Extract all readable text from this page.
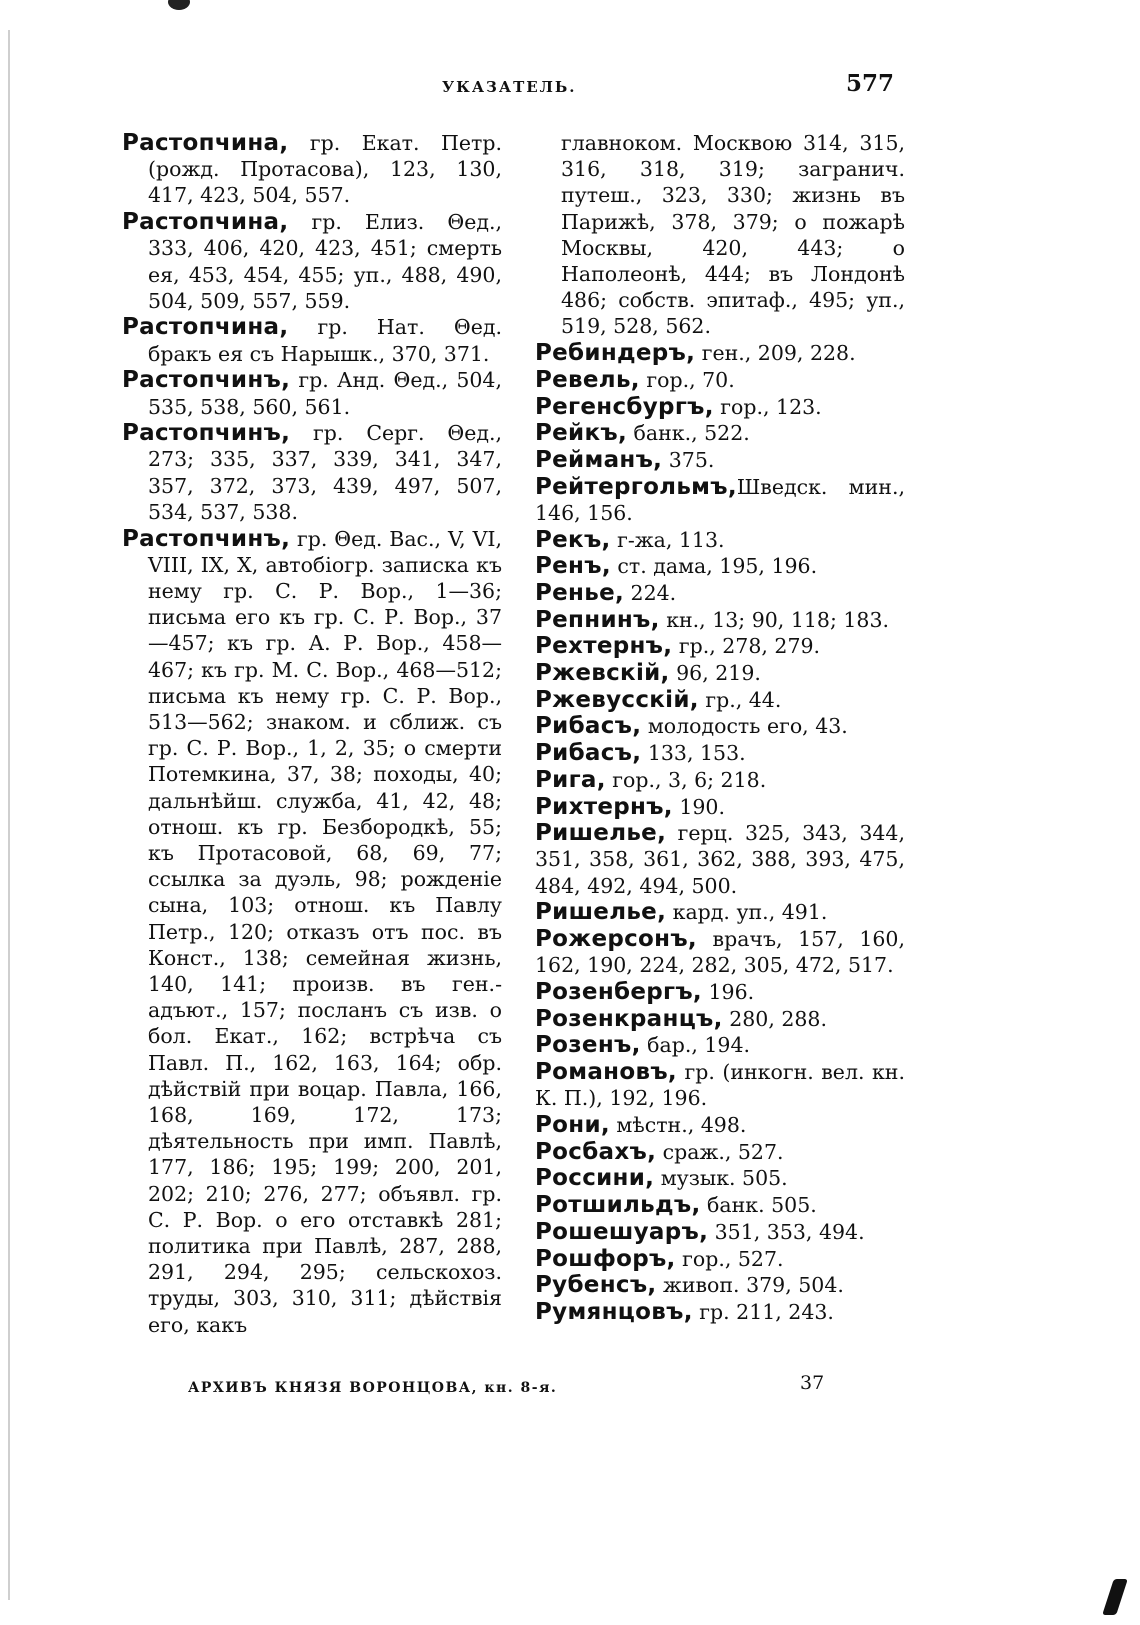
УКАЗАТЕЛЬ.	577
Растопчина, гр. Екат. Петр. (рожд. Протасова), 123, 130, 417, 423, 504, 557.
Растопчина, гр. Елиз. Θед., 333, 406, 420, 423, 451; смерть ея, 453, 454, 455; уп., 488, 490, 504, 509, 557, 559.
Растопчина, гр. Нат. Θед. бракъ ея съ Нарышк., 370, 371.
Растопчинъ, гр. Анд. Θед., 504, 535, 538, 560, 561.
Растопчинъ, гр. Серг. Θед., 273; 335, 337, 339, 341, 347, 357, 372, 373, 439, 497, 507, 534, 537, 538.
Растопчинъ, гр. Θед. Вас., V, VI, VIII, IX, X, автобіогр. записка къ нему гр. С. Р. Вор., 1—36; письма его къ гр. С. Р. Вор., 37—457; къ гр. А. Р. Вор., 458—467; къ гр. М. С. Вор., 468—512; письма къ нему гр. С. Р. Вор., 513—562; знаком. и сближ. съ гр. С. Р. Вор., 1, 2, 35; о смерти Потемкина, 37, 38; походы, 40; дальнѣйш. служба, 41, 42, 48; отнош. къ гр. Безбородкѣ, 55; къ Протасовой, 68, 69, 77; ссылка за дуэль, 98; рожденіе сына, 103; отнош. къ Павлу Петр., 120; отказъ отъ пос. въ Конст., 138; семейная жизнь, 140, 141; произв. въ ген.-адъют., 157; посланъ съ изв. о бол. Екат., 162; встрѣча съ Павл. П., 162, 163, 164; обр. дѣйствій при воцар. Павла, 166, 168, 169, 172, 173; дѣятельность при имп. Павлѣ, 177, 186; 195; 199; 200, 201, 202; 210; 276, 277; объявл. гр. С. Р. Вор. о его отставкѣ 281; политика при Павлѣ, 287, 288, 291, 294, 295; сельскохоз. труды, 303, 310, 311; дѣйствія его, какъ
главноком. Москвою 314, 315, 316, 318, 319; загранич. путеш., 323, 330; жизнь въ Парижѣ, 378, 379; о пожарѣ Москвы, 420, 443; о Наполеонѣ, 444; въ Лондонѣ 486; собств. эпитаф., 495; уп., 519, 528, 562.
Ребиндеръ, ген., 209, 228.
Ревель, гор., 70.
Регенсбургъ, гор., 123.
Рейкъ, банк., 522.
Рейманъ, 375.
Рейтергольмъ,Шведск. мин., 146, 156.
Рекъ, г-жа, 113.
Ренъ, ст. дама, 195, 196.
Ренье, 224.
Репнинъ, кн., 13; 90, 118; 183.
Рехтернъ, гр., 278, 279.
Ржевскій, 96, 219.
Ржевусскій, гр., 44.
Рибасъ, молодость его, 43.
Рибасъ, 133, 153.
Рига, гор., 3, 6; 218.
Рихтернъ, 190.
Ришелье, герц. 325, 343, 344, 351, 358, 361, 362, 388, 393, 475, 484, 492, 494, 500.
Ришелье, кард. уп., 491.
Рожерсонъ, врачъ, 157, 160, 162, 190, 224, 282, 305, 472, 517.
Розенбергъ, 196.
Розенкранцъ, 280, 288.
Розенъ, бар., 194.
Романовъ, гр. (инкогн. вел. кн. К. П.), 192, 196.
Рони, мѣстн., 498.
Росбахъ, сраж., 527.
Россини, музык. 505.
Ротшильдъ, банк. 505.
Рошешуаръ, 351, 353, 494.
Рошфоръ, гор., 527.
Рубенсъ, живоп. 379, 504.
Румянцовъ, гр. 211, 243.
АРХИВЪ КНЯЗЯ ВОРОНЦОВА, кн. 8-я.	37
